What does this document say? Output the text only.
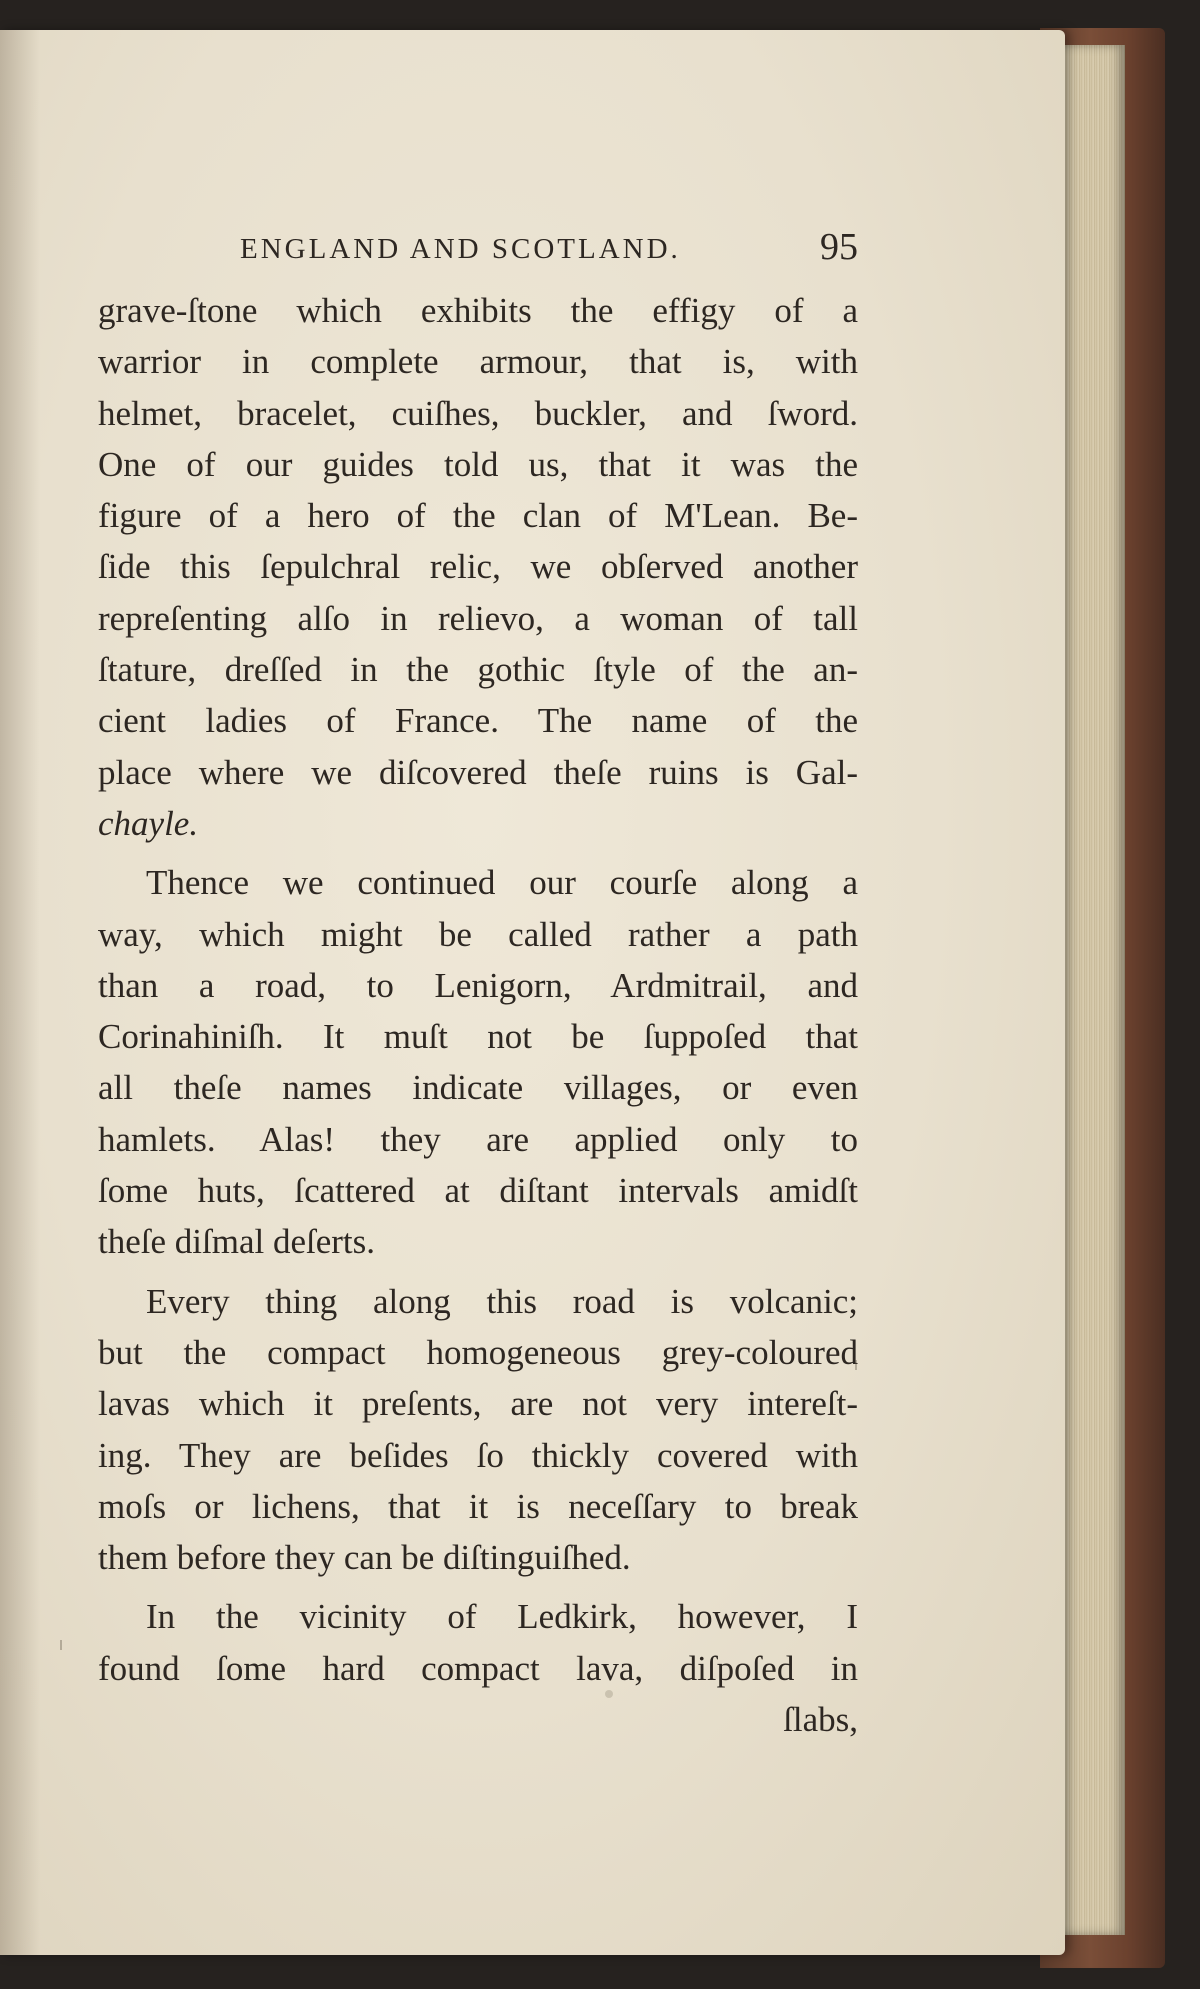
ENGLAND AND SCOTLAND.	95
grave-ſtone which exhibits the effigy of a
warrior in complete armour, that is, with
helmet, bracelet, cuiſhes, buckler, and ſword.
One of our guides told us, that it was the
figure of a hero of the clan of M'Lean. Be-
ſide this ſepulchral relic, we obſerved another
repreſenting alſo in relievo, a woman of tall
ſtature, dreſſed in the gothic ſtyle of the an-
cient ladies of France. The name of the
place where we diſcovered theſe ruins is Gal-
chayle.
Thence we continued our courſe along a
way, which might be called rather a path
than a road, to Lenigorn, Ardmitrail, and
Corinahiniſh. It muſt not be ſuppoſed that
all theſe names indicate villages, or even
hamlets. Alas! they are applied only to
ſome huts, ſcattered at diſtant intervals amidſt
theſe diſmal deſerts.
Every thing along this road is volcanic;
but the compact homogeneous grey-coloured
lavas which it preſents, are not very intereſt-
ing. They are beſides ſo thickly covered with
moſs or lichens, that it is neceſſary to break
them before they can be diſtinguiſhed.
In the vicinity of Ledkirk, however, I
found ſome hard compact lava, diſpoſed in
ſlabs,
